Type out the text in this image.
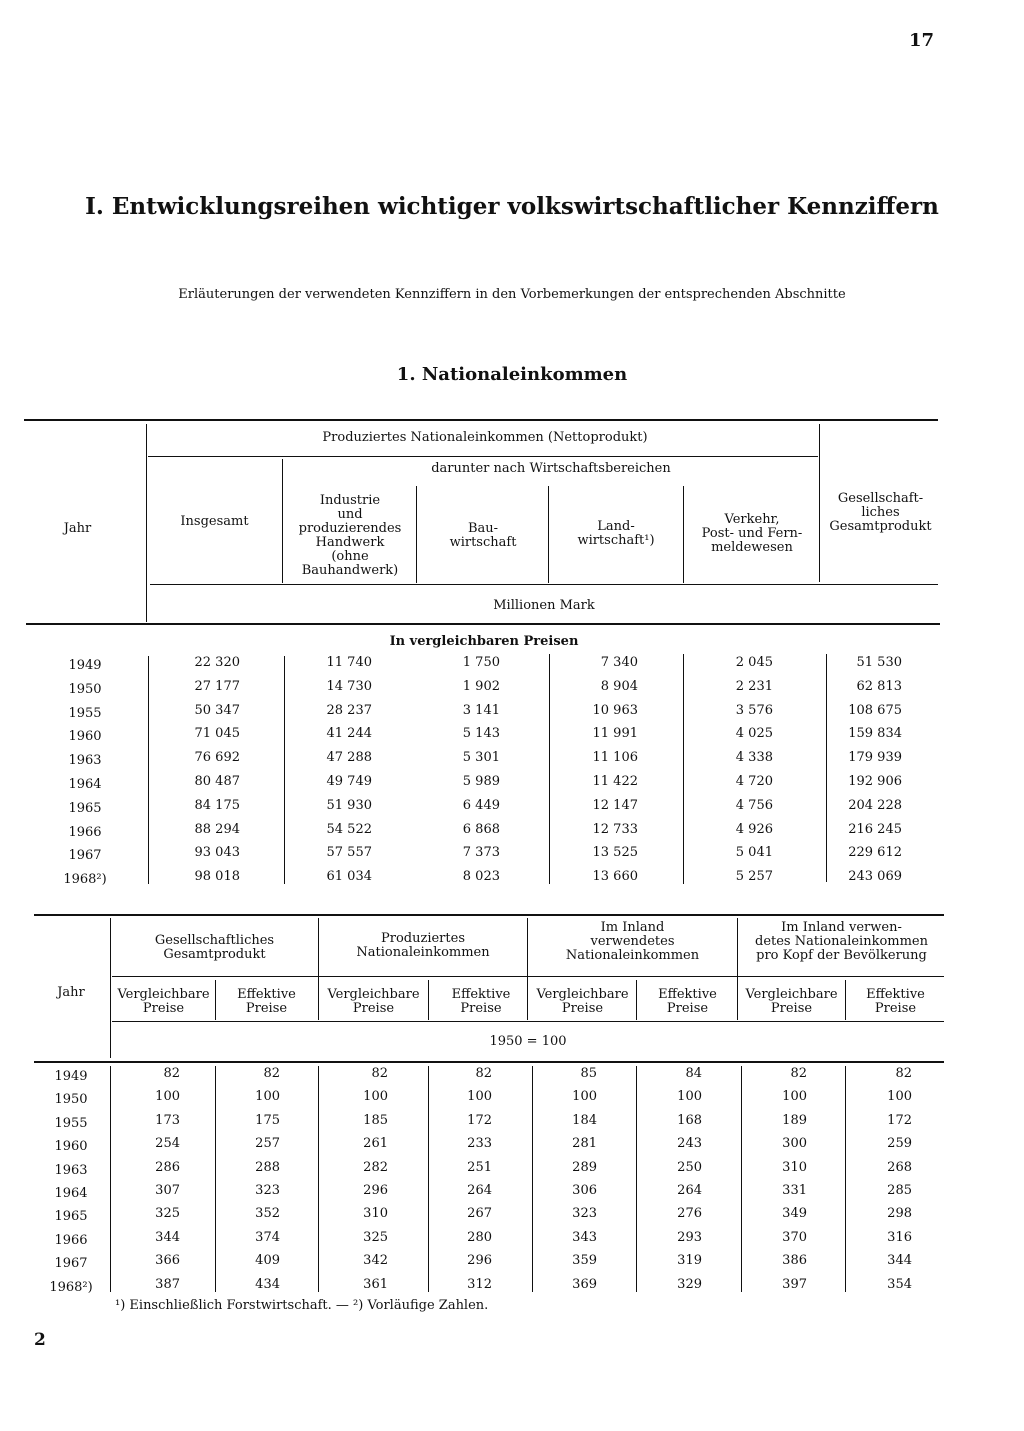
17
I. Entwicklungsreihen wichtiger volkswirtschaftlicher Kennziffern
Erläuterungen der verwendeten Kennziffern in den Vorbemerkungen der entsprechenden Abschnitte
1. Nationaleinkommen
Jahr
Produziertes Nationaleinkommen (Nettoprodukt)
darunter nach Wirtschaftsbereichen
Insgesamt
Industrie
und
produzierendes
Handwerk
(ohne
Bauhandwerk)
Bau-
wirtschaft
Land-
wirtschaft¹)
Verkehr,
Post- und Fern-
meldewesen
Gesellschaft-
liches
Gesamtprodukt
Millionen Mark
In vergleichbaren Preisen
1949	22 320	11 740	1 750	7 340	2 045	51 530
1950	27 177	14 730	1 902	8 904	2 231	62 813
1955	50 347	28 237	3 141	10 963	3 576	108 675
1960	71 045	41 244	5 143	11 991	4 025	159 834
1963	76 692	47 288	5 301	11 106	4 338	179 939
1964	80 487	49 749	5 989	11 422	4 720	192 906
1965	84 175	51 930	6 449	12 147	4 756	204 228
1966	88 294	54 522	6 868	12 733	4 926	216 245
1967	93 043	57 557	7 373	13 525	5 041	229 612
1968²)	98 018	61 034	8 023	13 660	5 257	243 069
Jahr
Gesellschaftliches
Gesamtprodukt
Produziertes
Nationaleinkommen
Im Inland
verwendetes
Nationaleinkommen
Im Inland verwen-
detes Nationaleinkommen
pro Kopf der Bevölkerung
Vergleichbare
Preise
Effektive
Preise
Vergleichbare
Preise
Effektive
Preise
Vergleichbare
Preise
Effektive
Preise
Vergleichbare
Preise
Effektive
Preise
1950 = 100
1949	82	82	82	82	85	84	82	82
1950	100	100	100	100	100	100	100	100
1955	173	175	185	172	184	168	189	172
1960	254	257	261	233	281	243	300	259
1963	286	288	282	251	289	250	310	268
1964	307	323	296	264	306	264	331	285
1965	325	352	310	267	323	276	349	298
1966	344	374	325	280	343	293	370	316
1967	366	409	342	296	359	319	386	344
1968²)	387	434	361	312	369	329	397	354
¹) Einschließlich Forstwirtschaft. — ²) Vorläufige Zahlen.
2
